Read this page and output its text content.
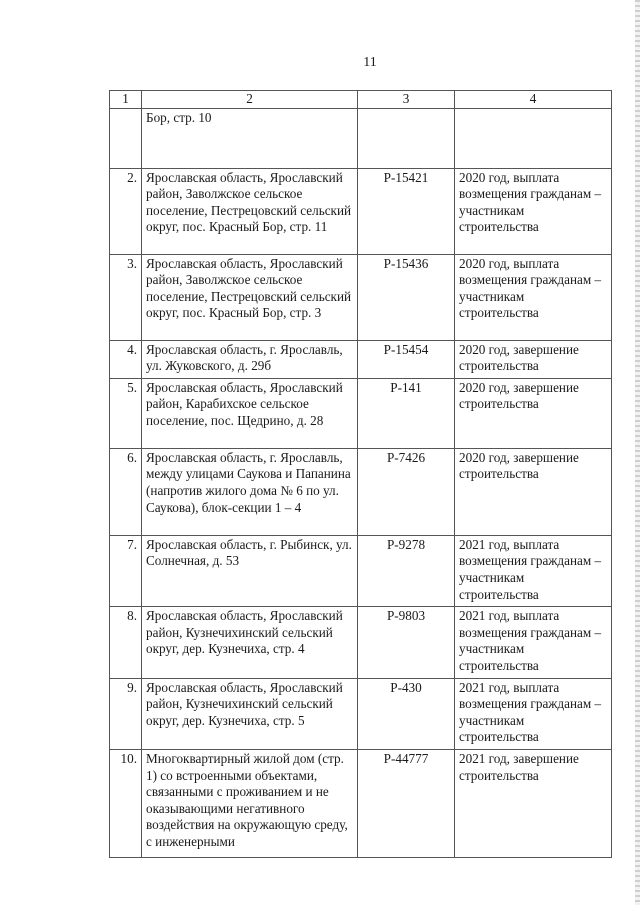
11
1	2	3	4
	Бор, стр. 10		
2.	Ярославская область, Ярославский район, Заволжское сельское поселение, Пестрецовский сельский округ, пос. Красный Бор, стр. 11	Р-15421	2020 год, выплата возмещения гражданам – участникам строительства
3.	Ярославская область, Ярославский район, Заволжское сельское поселение, Пестрецовский сельский округ, пос. Красный Бор, стр. 3	Р-15436	2020 год, выплата возмещения гражданам – участникам строительства
4.	Ярославская область, г. Ярославль, ул. Жуковского, д. 29б	Р-15454	2020 год, завершение строительства
5.	Ярославская область, Ярославский район, Карабихское сельское поселение, пос. Щедрино, д. 28	Р-141	2020 год, завершение строительства
6.	Ярославская область, г. Ярославль, между улицами Саукова и Папанина (напротив жилого дома № 6 по ул. Саукова), блок-секции 1 – 4	Р-7426	2020 год, завершение строительства
7.	Ярославская область, г. Рыбинск, ул. Солнечная, д. 53	Р-9278	2021 год, выплата возмещения гражданам – участникам строительства
8.	Ярославская область, Ярославский район, Кузнечихинский сельский округ, дер. Кузнечиха, стр. 4	Р-9803	2021 год, выплата возмещения гражданам – участникам строительства
9.	Ярославская область, Ярославский район, Кузнечихинский сельский округ, дер. Кузнечиха, стр. 5	Р-430	2021 год, выплата возмещения гражданам – участникам строительства
10.	Многоквартирный жилой дом (стр. 1) со встроенными объектами, связанными с проживанием и не оказывающими негативного воздействия на окружающую среду, с инженерными	Р-44777	2021 год, завершение строительства
